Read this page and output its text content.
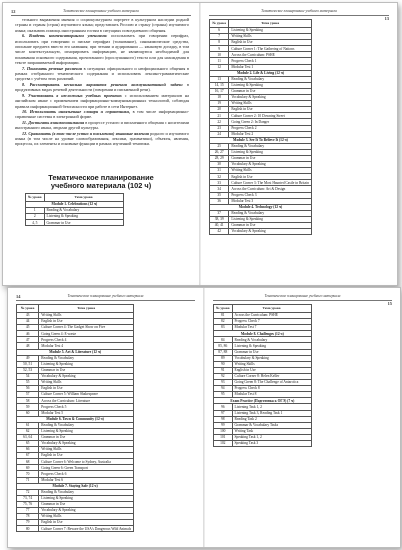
12	Тематическое планирование учебного материала

тельного выражения мнения о социокультурном портрете в культурном наследии родной страны и страны (стран) изучаемого языка; представлять Россию и страну (страны) изучаемого языка; оказывать помощь иностранным гостям в ситуациях повседневного общения.

6. Владеть компенсаторными умениями: использовать при говорении перифраз, использовать при говорении и письме перифраз (толкование), синонимические средства, описание предмета вместо его названия; при чтении и аудировании — языковую догадку, в том числе контекстуальную, игнорировать информацию, не являющуюся необходимой для понимания основного содержания, прочитанного (прослушанного) текста или для нахождения в тексте запрашиваемой информации.

7. Понимать речевые различия в ситуациях официального и неофициального общения в рамках отобранного тематического содержания и использовать лексико-грамматические средства с учётом этих различий.

8. Рассматривать несколько вариантов решения коммуникативной задачи в продуктивных видах речевой деятельности (говорении и письменной речи).

9. Участвовать в несложных учебных проектах с использованием материалов на английском языке с применением информационно-коммуникационных технологий, соблюдая правила информационной безопасности при работе в сети Интернет.

10. Использовать иноязычные словари и справочники, в том числе информационно-справочные системы в электронной форме.

11. Достигать взаимопонимания в процессе устного и письменного общения с носителями иностранного языка, людьми другой культуры.

12. Сравнивать (в том числе устно и письменно) языковые явления родного и изучаемого языка (в том числе на уровне словообразования, лексики, грамматики), объекты, явления, процессы, их элементы и основные функции в рамках изученной тематики.

Тематическое планирование
учебного материала (102 ч)
№ урока	Тема урока
Module 1. Celebrations (12 ч)	
1	Reading & Vocabulary
2	Listening & Speaking
4, 5	Grammar in Use
Тематическое планирование учебного материала
13
№ урока	Тема урока
6	Listening & Speaking
7	Writing Skills
8	English in Use
9	Culture Corner 1: The Gathering of Nations
10	Across the Curriculum: PSHE
11	Progress Check 1
12	Modular Test 1
Module 2. Life & Living (12 ч)	
13	Reading & Vocabulary
14, 15	Listening & Speaking
16, 17	Grammar in Use
18	Vocabulary & Speaking
19	Writing Skills
20	English in Use
21	Culture Corner 2: 10 Downing Street
22	Going Green 2: In Danger
23	Progress Check 2
24	Modular Test 2
Module 3. See It To Believe It (12 ч)	
25	Reading & Vocabulary
26, 27	Listening & Speaking
28, 29	Grammar in Use
30	Vocabulary & Speaking
31	Writing Skills
32	English in Use
33	Culture Corner 3: The Most Haunted Castle in Britain
34	Across the Curriculum: Art & Design
35	Progress Check 3
36	Modular Test 3
Module 4. Technology (12 ч)	
37	Reading & Vocabulary
38, 39	Listening & Speaking
40, 41	Grammar in Use
42	Vocabulary & Speaking
14	Тематическое планирование учебного материала
№ урока	Тема урока
43	Writing Skills
44	English in Use
45	Culture Corner 4: The Gadget Show on Five
46	Going Green 4: E-waste
47	Progress Check 4
48	Modular Test 4
Module 5. Art & Literature (12 ч)	
49	Reading & Vocabulary
50, 51	Listening & Speaking
52, 53	Grammar in Use
54	Vocabulary & Speaking
55	Writing Skills
56	English in Use
57	Culture Corner 5: William Shakespeare
58	Across the Curriculum: Literature
59	Progress Check 5
60	Modular Test 5
Module 6. Town & Community (12 ч)	
61	Reading & Vocabulary
62	Listening & Speaking
63, 64	Grammar in Use
65	Vocabulary & Speaking
66	Writing Skills
67	English in Use
68	Culture Corner 6: Welcome to Sydney, Australia
69	Going Green 6: Green Transport
70	Progress Check 6
71	Modular Test 6
Module 7. Staying Safe (12 ч)	
72	Reading & Vocabulary
73, 74	Listening & Speaking
75, 76	Grammar in Use
77	Vocabulary & Speaking
78	Writing Skills
79	English in Use
80	Culture Corner 7: Beware the USA's Dangerous Wild Animals
Тематическое планирование учебного материала
15
№ урока	Тема урока
81	Across the Curriculum: PSHE
82	Progress Check 7
83	Modular Test 7
Module 8. Challenges (12 ч)	
84	Reading & Vocabulary
85, 86	Listening & Speaking
87, 88	Grammar in Use
89	Vocabulary & Speaking
90	Writing Skills
91	English in Use
92	Culture Corner 8: Helen Keller
93	Going Green 8: The Challenge of Antarctica
94	Progress Check 8
95	Modular Test 8
Exam Practice (Подготовка к ОГЭ) (7 ч)	
96	Listening Task 1, 2
97	Listening Task 3, Reading Task 1
98	Reading Task 2
99	Grammar & Vocabulary Tasks
100	Writing Task
101	Speaking Task 1, 2
102	Speaking Task 3
